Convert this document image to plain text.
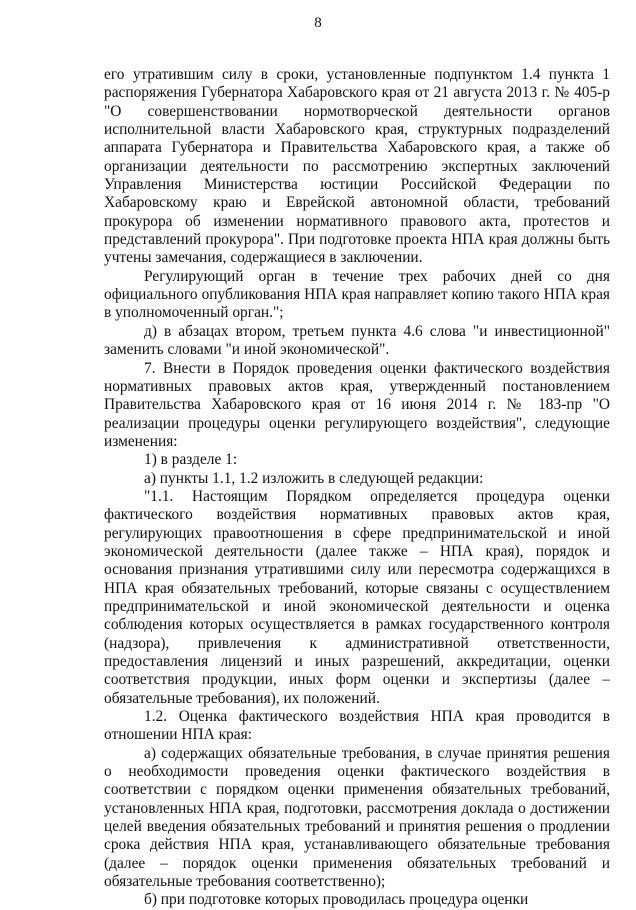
8

его утратившим силу в сроки, установленные подпунктом 1.4 пункта 1 распоряжения Губернатора Хабаровского края от 21 августа 2013 г. № 405-р "О совершенствовании нормотворческой деятельности органов исполнительной власти Хабаровского края, структурных подразделений аппарата Губернатора и Правительства Хабаровского края, а также об организации деятельности по рассмотрению экспертных заключений Управления Министерства юстиции Российской Федерации по Хабаровскому краю и Еврейской автономной области, требований прокурора об изменении нормативного правового акта, протестов и представлений прокурора". При подготовке проекта НПА края должны быть учтены замечания, содержащиеся в заключении.

Регулирующий орган в течение трех рабочих дней со дня официального опубликования НПА края направляет копию такого НПА края в уполномоченный орган.";

д) в абзацах втором, третьем пункта 4.6 слова "и инвестиционной" заменить словами "и иной экономической".

7. Внести в Порядок проведения оценки фактического воздействия нормативных правовых актов края, утвержденный постановлением Правительства Хабаровского края от 16 июня 2014 г. № 183-пр "О реализации процедуры оценки регулирующего воздействия", следующие изменения:

1) в разделе 1:

а) пункты 1.1, 1.2 изложить в следующей редакции:

"1.1. Настоящим Порядком определяется процедура оценки фактического воздействия нормативных правовых актов края, регулирующих правоотношения в сфере предпринимательской и иной экономической деятельности (далее также – НПА края), порядок и основания признания утратившими силу или пересмотра содержащихся в НПА края обязательных требований, которые связаны с осуществлением предпринимательской и иной экономической деятельности и оценка соблюдения которых осуществляется в рамках государственного контроля (надзора), привлечения к административной ответственности, предоставления лицензий и иных разрешений, аккредитации, оценки соответствия продукции, иных форм оценки и экспертизы (далее – обязательные требования), их положений.

1.2. Оценка фактического воздействия НПА края проводится в отношении НПА края:

а) содержащих обязательные требования, в случае принятия решения о необходимости проведения оценки фактического воздействия в соответствии с порядком оценки применения обязательных требований, установленных НПА края, подготовки, рассмотрения доклада о достижении целей введения обязательных требований и принятия решения о продлении срока действия НПА края, устанавливающего обязательные требования (далее – порядок оценки применения обязательных требований и обязательные требования соответственно);

б) при подготовке которых проводилась процедура оценки
